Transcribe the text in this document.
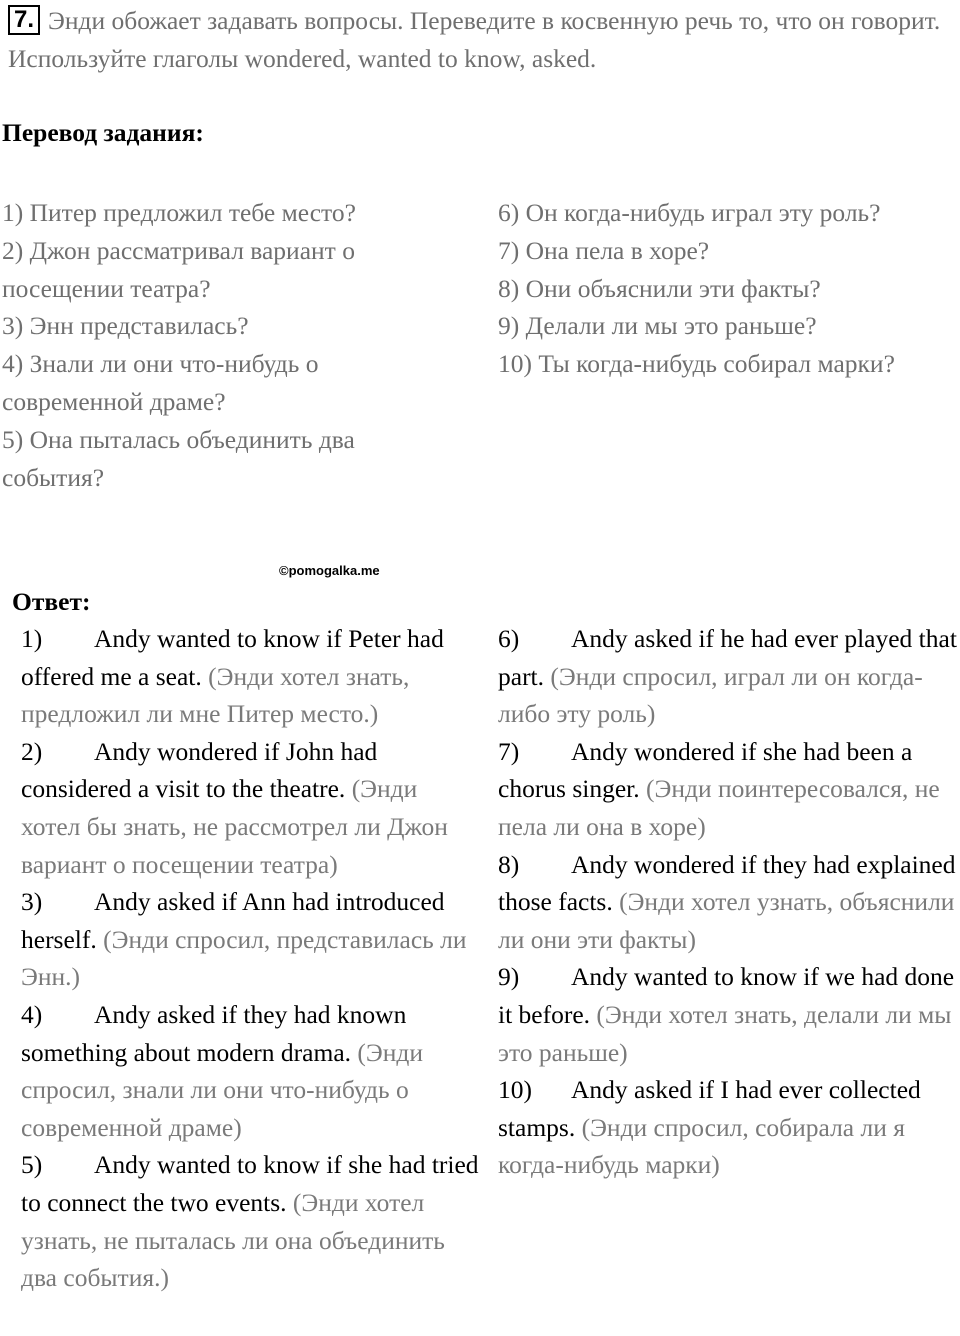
7. Энди обожает задавать вопросы. Переведите в косвенную речь то, что он говорит. Используйте глаголы wondered, wanted to know, asked.
Перевод задания:
1) Питер предложил тебе место?
2) Джон рассматривал вариант о посещении театра?
3) Энн представилась?
4) Знали ли они что-нибудь о современной драме?
5) Она пыталась объединить два события?
6) Он когда-нибудь играл эту роль?
7) Она пела в хоре?
8) Они объяснили эти факты?
9) Делали ли мы это раньше?
10) Ты когда-нибудь собирал марки?
©pomogalka.me
Ответ:
1) Andy wanted to know if Peter had offered me a seat. (Энди хотел знать, предложил ли мне Питер место.)
2) Andy wondered if John had considered a visit to the theatre. (Энди хотел бы знать, не рассмотрел ли Джон вариант о посещении театра)
3) Andy asked if Ann had introduced herself. (Энди спросил, представилась ли Энн.)
4) Andy asked if they had known something about modern drama. (Энди спросил, знали ли они что-нибудь о современной драме)
5) Andy wanted to know if she had tried to connect the two events. (Энди хотел узнать, не пыталась ли она объединить два события.)
6) Andy asked if he had ever played that part. (Энди спросил, играл ли он когда-либо эту роль)
7) Andy wondered if she had been a chorus singer. (Энди поинтересовался, не пела ли она в хоре)
8) Andy wondered if they had explained those facts. (Энди хотел узнать, объяснили ли они эти факты)
9) Andy wanted to know if we had done it before. (Энди хотел знать, делали ли мы это раньше)
10) Andy asked if I had ever collected stamps. (Энди спросил, собирала ли я когда-нибудь марки)
